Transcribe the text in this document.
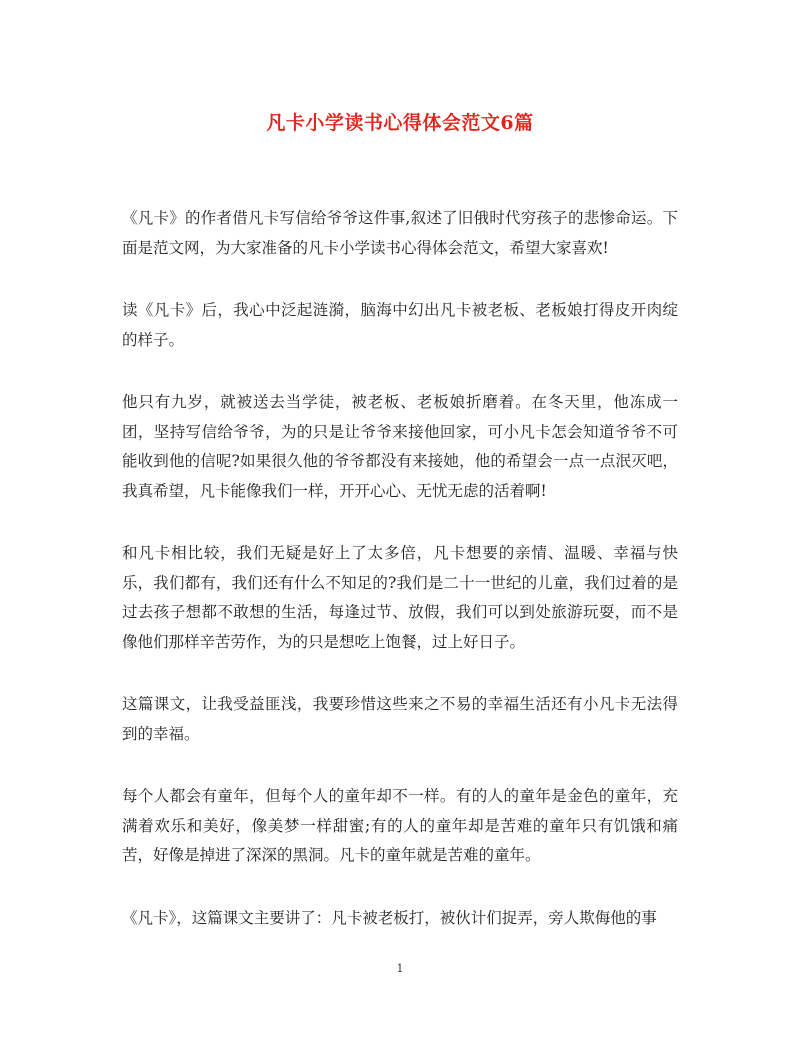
凡卡小学读书心得体会范文6篇

《凡卡》的作者借凡卡写信给爷爷这件事,叙述了旧俄时代穷孩子的悲惨命运。下面是范文网，为大家准备的凡卡小学读书心得体会范文，希望大家喜欢!

读《凡卡》后，我心中泛起涟漪，脑海中幻出凡卡被老板、老板娘打得皮开肉绽的样子。

他只有九岁，就被送去当学徒，被老板、老板娘折磨着。在冬天里，他冻成一团，坚持写信给爷爷，为的只是让爷爷来接他回家，可小凡卡怎会知道爷爷不可能收到他的信呢?如果很久他的爷爷都没有来接她，他的希望会一点一点泯灭吧，我真希望，凡卡能像我们一样，开开心心、无忧无虑的活着啊!

和凡卡相比较，我们无疑是好上了太多倍，凡卡想要的亲情、温暖、幸福与快乐，我们都有，我们还有什么不知足的?我们是二十一世纪的儿童，我们过着的是过去孩子想都不敢想的生活，每逢过节、放假，我们可以到处旅游玩耍，而不是像他们那样辛苦劳作，为的只是想吃上饱餐，过上好日子。

这篇课文，让我受益匪浅，我要珍惜这些来之不易的幸福生活还有小凡卡无法得到的幸福。

每个人都会有童年，但每个人的童年却不一样。有的人的童年是金色的童年，充满着欢乐和美好，像美梦一样甜蜜;有的人的童年却是苦难的童年只有饥饿和痛苦，好像是掉进了深深的黑洞。凡卡的童年就是苦难的童年。

《凡卡》，这篇课文主要讲了：凡卡被老板打，被伙计们捉弄，旁人欺侮他的事

1
